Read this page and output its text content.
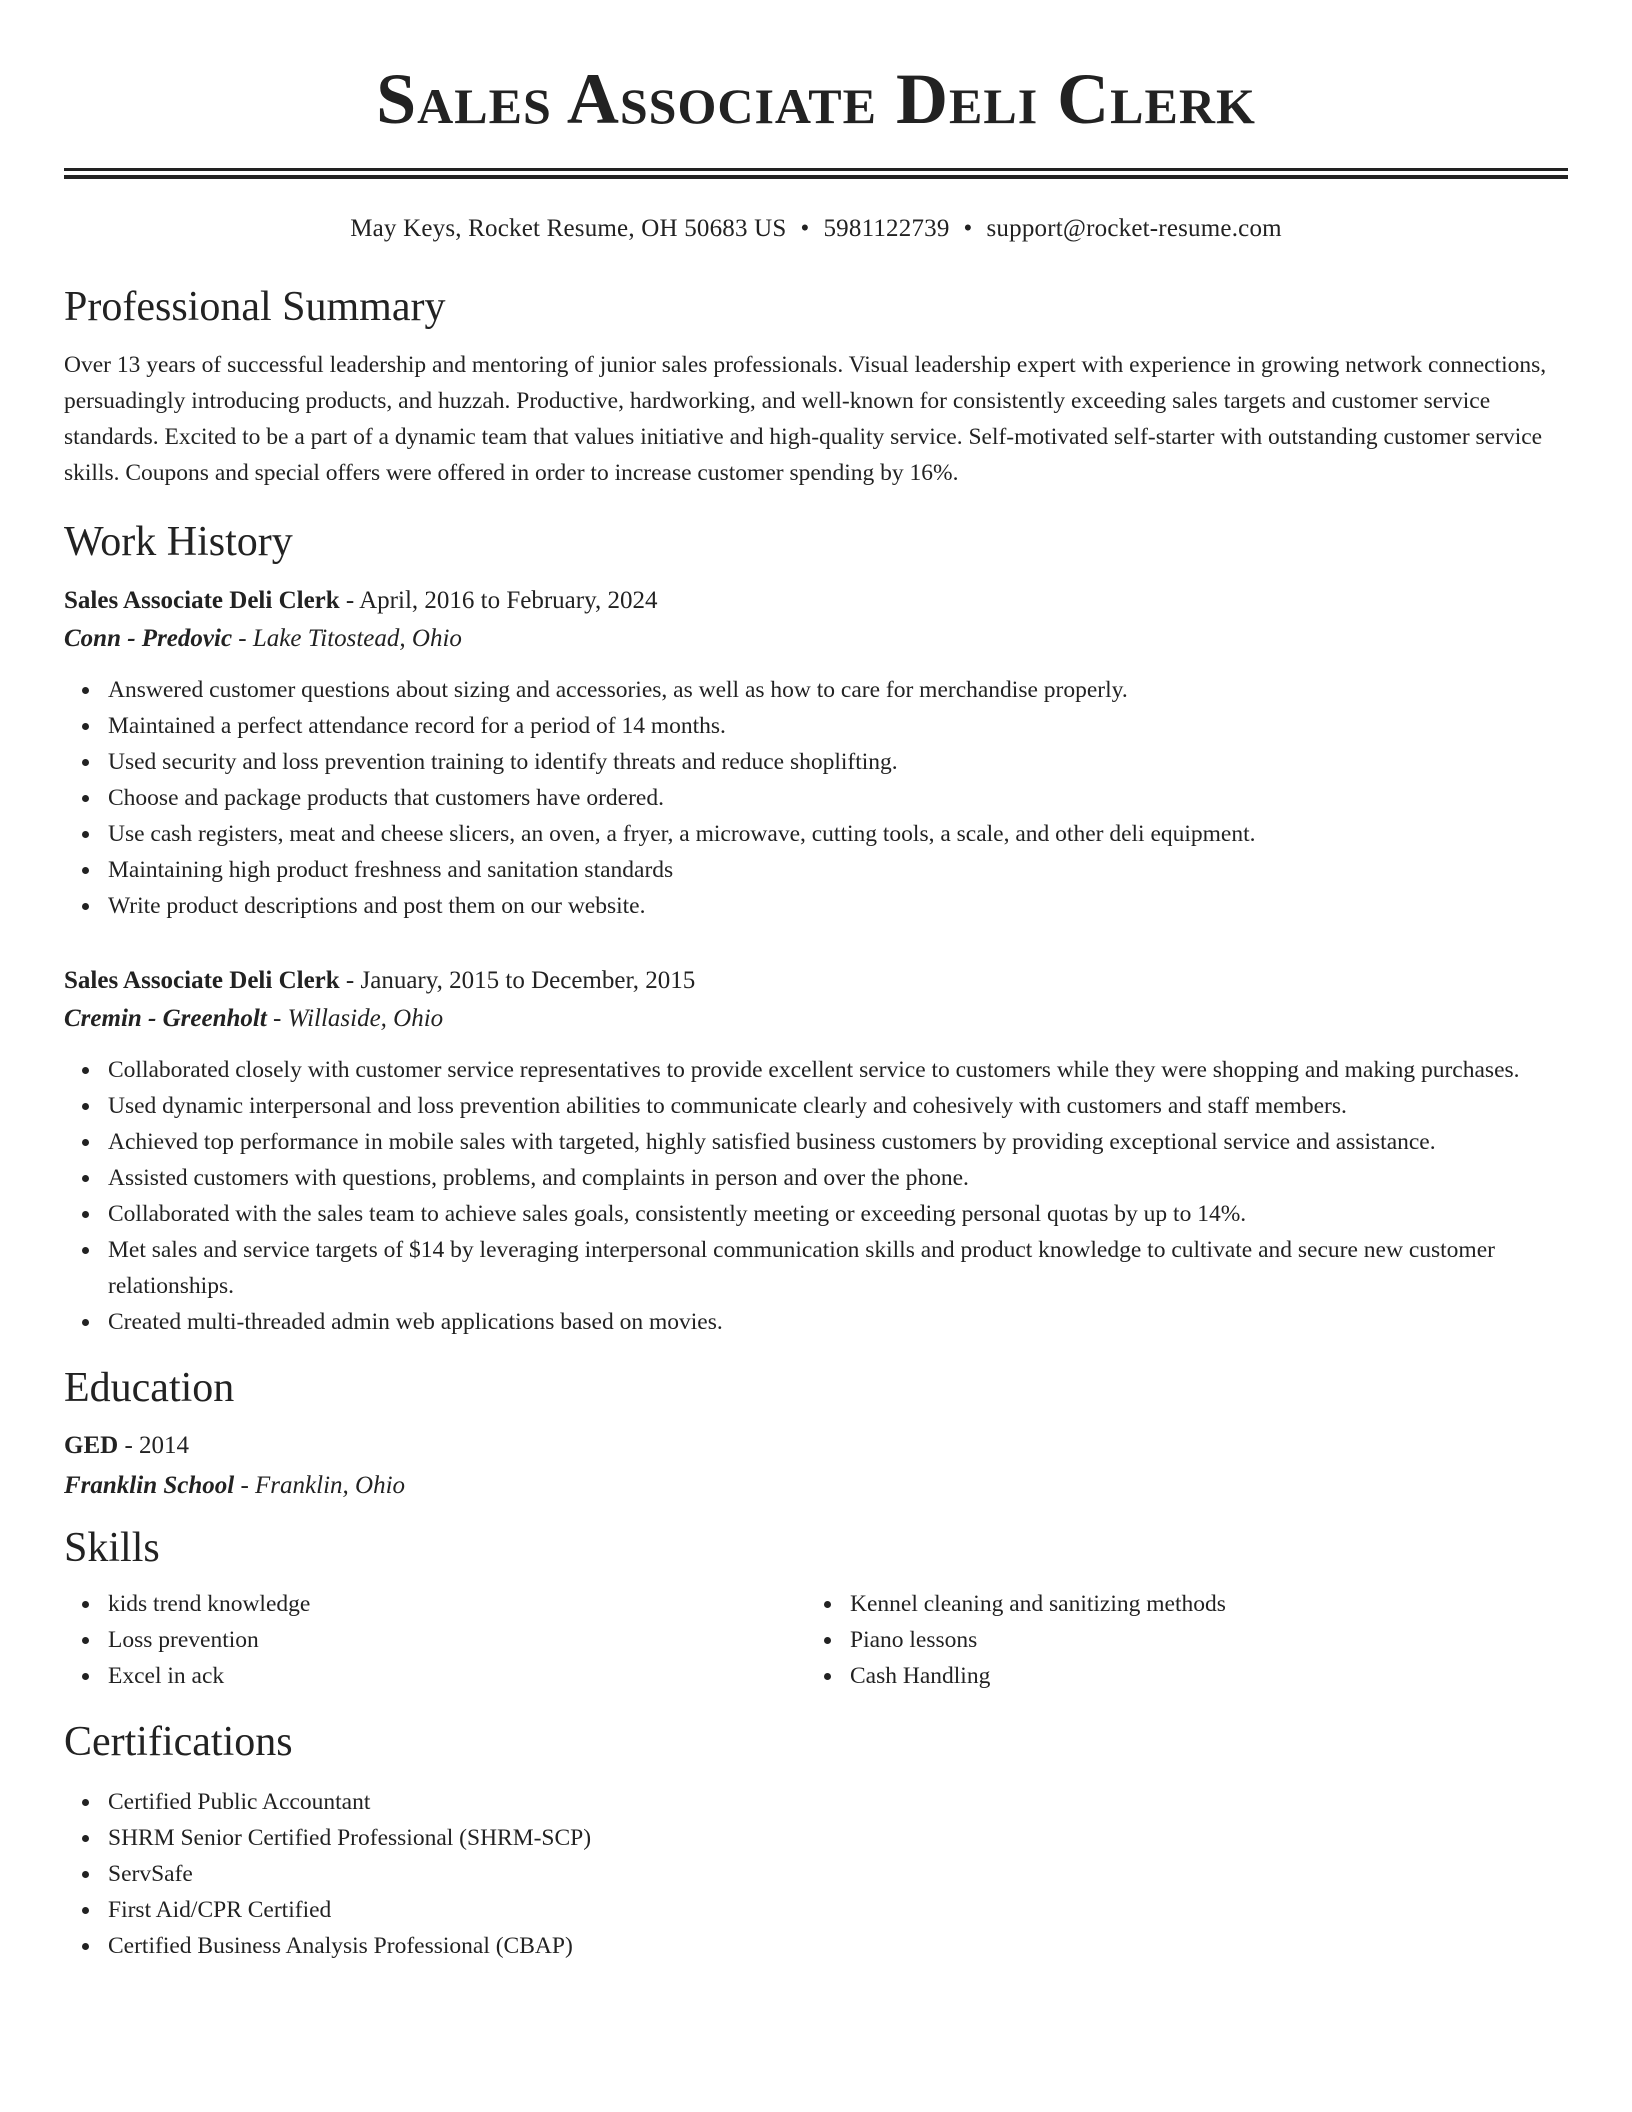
Sales Associate Deli Clerk
May Keys, Rocket Resume, OH 50683 US • 5981122739 • support@rocket-resume.com
Professional Summary
Over 13 years of successful leadership and mentoring of junior sales professionals. Visual leadership expert with experience in growing network connections, persuadingly introducing products, and huzzah. Productive, hardworking, and well-known for consistently exceeding sales targets and customer service standards. Excited to be a part of a dynamic team that values initiative and high-quality service. Self-motivated self-starter with outstanding customer service skills. Coupons and special offers were offered in order to increase customer spending by 16%.
Work History
Sales Associate Deli Clerk - April, 2016 to February, 2024
Conn - Predovic - Lake Titostead, Ohio
Answered customer questions about sizing and accessories, as well as how to care for merchandise properly.
Maintained a perfect attendance record for a period of 14 months.
Used security and loss prevention training to identify threats and reduce shoplifting.
Choose and package products that customers have ordered.
Use cash registers, meat and cheese slicers, an oven, a fryer, a microwave, cutting tools, a scale, and other deli equipment.
Maintaining high product freshness and sanitation standards
Write product descriptions and post them on our website.
Sales Associate Deli Clerk - January, 2015 to December, 2015
Cremin - Greenholt - Willaside, Ohio
Collaborated closely with customer service representatives to provide excellent service to customers while they were shopping and making purchases.
Used dynamic interpersonal and loss prevention abilities to communicate clearly and cohesively with customers and staff members.
Achieved top performance in mobile sales with targeted, highly satisfied business customers by providing exceptional service and assistance.
Assisted customers with questions, problems, and complaints in person and over the phone.
Collaborated with the sales team to achieve sales goals, consistently meeting or exceeding personal quotas by up to 14%.
Met sales and service targets of $14 by leveraging interpersonal communication skills and product knowledge to cultivate and secure new customer relationships.
Created multi-threaded admin web applications based on movies.
Education
GED - 2014
Franklin School - Franklin, Ohio
Skills
kids trend knowledge
Loss prevention
Excel in ack
Kennel cleaning and sanitizing methods
Piano lessons
Cash Handling
Certifications
Certified Public Accountant
SHRM Senior Certified Professional (SHRM-SCP)
ServSafe
First Aid/CPR Certified
Certified Business Analysis Professional (CBAP)
